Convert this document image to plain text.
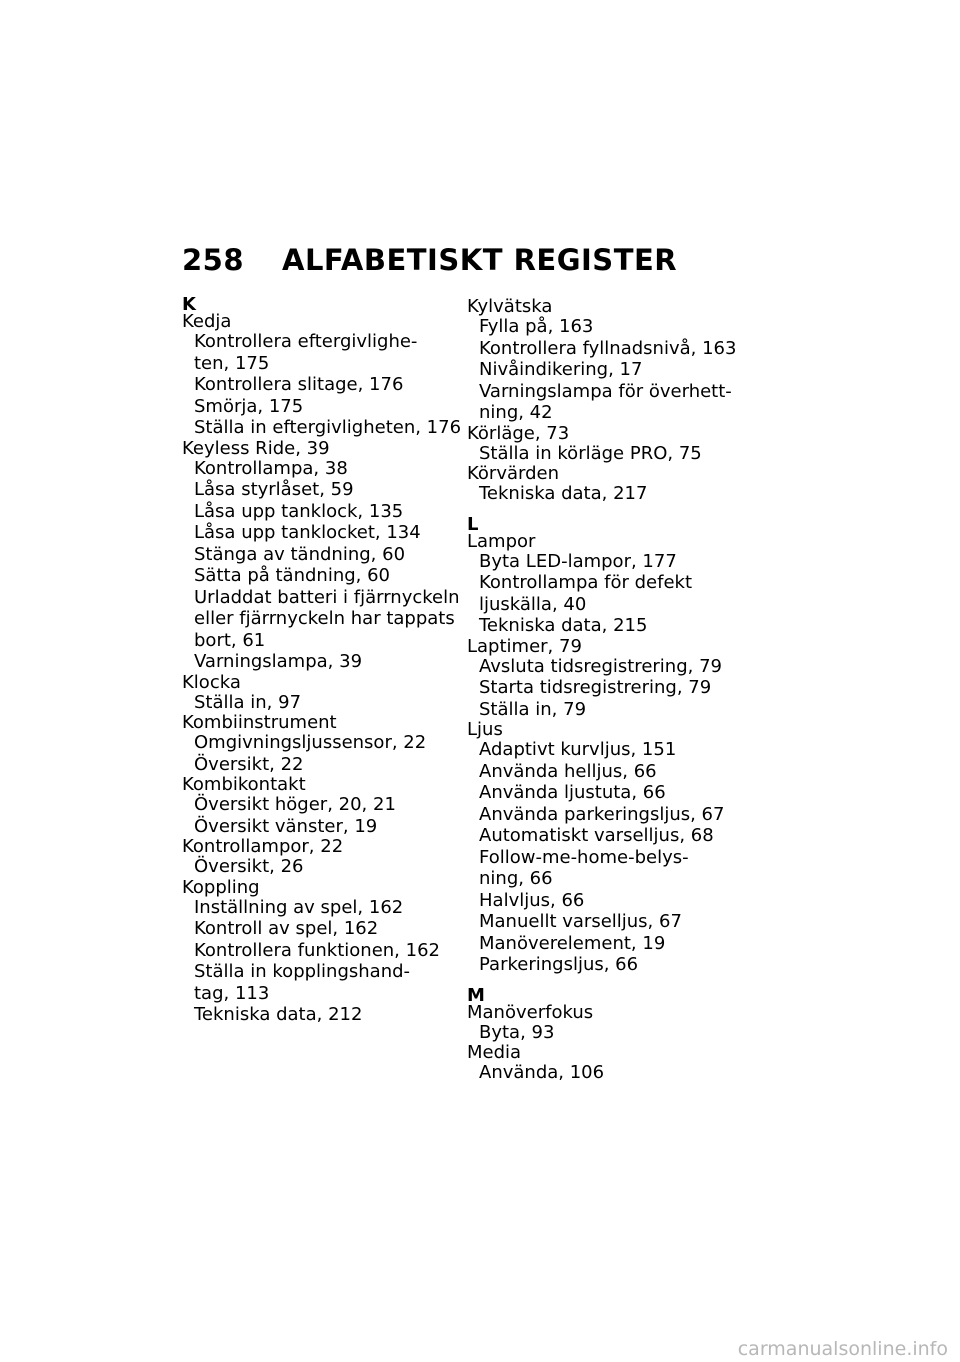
258 ALFABETISKT REGISTER
K
Kedja
Kontrollera eftergivlighe-
ten, 175
Kontrollera slitage, 176
Smörja, 175
Ställa in eftergivligheten, 176
Keyless Ride, 39
Kontrollampa, 38
Låsa styrlåset, 59
Låsa upp tanklock, 135
Låsa upp tanklocket, 134
Stänga av tändning, 60
Sätta på tändning, 60
Urladdat batteri i fjärrnyckeln
eller fjärrnyckeln har tappats
bort, 61
Varningslampa, 39
Klocka
Ställa in, 97
Kombiinstrument
Omgivningsljussensor, 22
Översikt, 22
Kombikontakt
Översikt höger, 20, 21
Översikt vänster, 19
Kontrollampor, 22
Översikt, 26
Koppling
Inställning av spel, 162
Kontroll av spel, 162
Kontrollera funktionen, 162
Ställa in kopplingshand-
tag, 113
Tekniska data, 212
Kylvätska
Fylla på, 163
Kontrollera fyllnadsnivå, 163
Nivåindikering, 17
Varningslampa för överhett-
ning, 42
Körläge, 73
Ställa in körläge PRO, 75
Körvärden
Tekniska data, 217
L
Lampor
Byta LED-lampor, 177
Kontrollampa för defekt
ljuskälla, 40
Tekniska data, 215
Laptimer, 79
Avsluta tidsregistrering, 79
Starta tidsregistrering, 79
Ställa in, 79
Ljus
Adaptivt kurvljus, 151
Använda helljus, 66
Använda ljustuta, 66
Använda parkeringsljus, 67
Automatiskt varselljus, 68
Follow-me-home-belys-
ning, 66
Halvljus, 66
Manuellt varselljus, 67
Manöverelement, 19
Parkeringsljus, 66
M
Manöverfokus
Byta, 93
Media
Använda, 106
carmanualsonline.info
